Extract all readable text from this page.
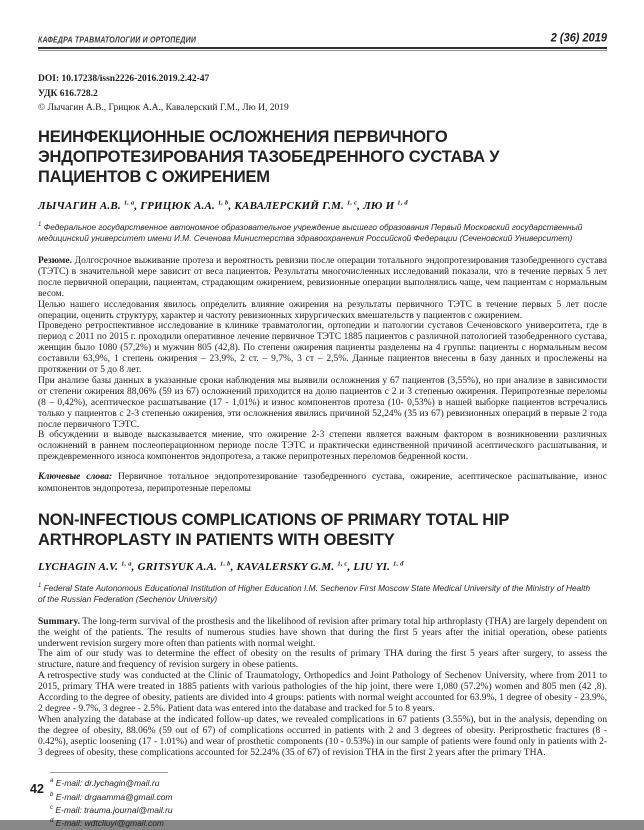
КАФЕДРА ТРАВМАТОЛОГИИ И ОРТОПЕДИИ	2 (36) 2019
DOI: 10.17238/issn2226-2016.2019.2.42-47
УДК 616.728.2
© Лычагин А.В., Грицюк А.А., Кавалерский Г.М., Лю И, 2019
НЕИНФЕКЦИОННЫЕ ОСЛОЖНЕНИЯ ПЕРВИЧНОГО ЭНДОПРОТЕЗИРОВАНИЯ ТАЗОБЕДРЕННОГО СУСТАВА У ПАЦИЕНТОВ С ОЖИРЕНИЕМ
ЛЫЧАГИН А.В. $^{1, a}$, ГРИЦЮК А.А. $^{1, b}$, КАВАЛЕРСКИЙ Г.М. $^{1, c}$, ЛЮ И $^{1, d}$
$^1$ Федеральное государственное автономное образовательное учреждение высшего образования Первый Московский государственный медицинский университет имени И.М. Сеченова Министерства здравоохранения Российской Федерации (Сеченовский Университет)

Резюме. Долгосрочное выживание протеза и вероятность ревизии после операции тотального эндопротезирования тазобедренного сустава (ТЭТС) в значительной мере зависит от веса пациентов. Результаты многочисленных исследований показали, что в течение первых 5 лет после первичной операции, пациентам, страдающим ожирением, ревизионные операции выполнялись чаще, чем пациентам с нормальным весом.

Целью нашего исследования явилось определить влияние ожирения на результаты первичного ТЭТС в течение первых 5 лет после операции, оценить структуру, характер и частоту ревизионных хирургических вмешательств у пациентов с ожирением.

Проведено ретроспективное исследование в клинике травматологии, ортопедии и патологии суставов Сеченовского университета, где в период с 2011 по 2015 г. проходили оперативное лечение первичное ТЭТС 1885 пациентов с различной патологией тазобедренного сустава, женщин было 1080 (57,2%) и мужчин 805 (42,8). По степени ожирения пациенты разделены на 4 группы: пациенты с нормальным весом составили 63,9%, 1 степень ожирения – 23,9%, 2 ст. – 9,7%, 3 ст – 2,5%. Данные пациентов внесены в базу данных и прослежены на протяжении от 5 до 8 лет.

При анализе базы данных в указанные сроки наблюдения мы выявили осложнения у 67 пациентов (3,55%), но при анализе в зависимости от степени ожирения 88,06% (59 из 67) осложнений приходится на долю пациентов с 2 и 3 степенью ожирения. Перипротезные переломы (8 – 0,42%), асептическое расшатывание (17 - 1,01%) и износ компонентов протеза (10- 0,53%) в нашей выборке пациентов встречались только у пациентов с 2-3 степенью ожирения, эти осложнения явились причиной 52,24% (35 из 67) ревизионных операций в первые 2 года после первичного ТЭТС.

В обсуждении и выводе высказывается мнение, что ожирение 2-3 степени является важным фактором в возникновении различных осложнений в раннем послеоперационном периоде после ТЭТС и практически единственной причиной асептического расшатывания, и преждевременного износа компонентов эндопротеза, а также перипротезных переломов бедренной кости.

Ключевые слова: Первичное тотальное эндопротезирование тазобедренного сустава, ожирение, асептическое расшатывание, износ компонентов эндопротеза, перипротезные переломы
NON-INFECTIOUS COMPLICATIONS OF PRIMARY TOTAL HIP ARTHROPLASTY IN PATIENTS WITH OBESITY
LYCHAGIN A.V. $^{1, a}$, GRITSYUK A.A. $^{1, b}$, KAVALERSKY G.M. $^{1, c}$, LIU YI. $^{1, d}$
$^1$ Federal State Autonomous Educational Institution of Higher Education I.M. Sechenov First Moscow State Medical University of the Ministry of Health of the Russian Federation (Sechenov University)

Summary. The long-term survival of the prosthesis and the likelihood of revision after primary total hip arthroplasty (THA) are largely dependent on the weight of the patients. The results of numerous studies have shown that during the first 5 years after the initial operation, obese patients underwent revision surgery more often than patients with normal weight.

The aim of our study was to determine the effect of obesity on the results of primary THA during the first 5 years after surgery, to assess the structure, nature and frequency of revision surgery in obese patients.

A retrospective study was conducted at the Clinic of Traumatology, Orthopedics and Joint Pathology of Sechenov University, where from 2011 to 2015, primary THA were treated in 1885 patients with various pathologies of the hip joint, there were 1,080 (57.2%) women and 805 men (42 ,8). According to the degree of obesity, patients are divided into 4 groups: patients with normal weight accounted for 63.9%, 1 degree of obesity - 23.9%, 2 degree - 9.7%, 3 degree - 2.5%. Patient data was entered into the database and tracked for 5 to 8 years.

When analyzing the database at the indicated follow-up dates, we revealed complications in 67 patients (3.55%), but in the analysis, depending on the degree of obesity, 88.06% (59 out of 67) of complications occurred in patients with 2 and 3 degrees of obesity. Periprosthetic fractures (8 - 0.42%), aseptic loosening (17 - 1.01%) and wear of prosthetic components (10 - 0.53%) in our sample of patients were found only in patients with 2-3 degrees of obesity, these complications accounted for 52.24% (35 of 67) of revision THA in the first 2 years after the primary THA.

$^a$ E-mail: dr.lychagin@mail.ru
$^b$ E-mail: drgaamma@gmail.com
$^c$ E-mail: trauma.journal@mail.ru
$^d$ E-mail: wdtcliuyi@gmail.com
42
